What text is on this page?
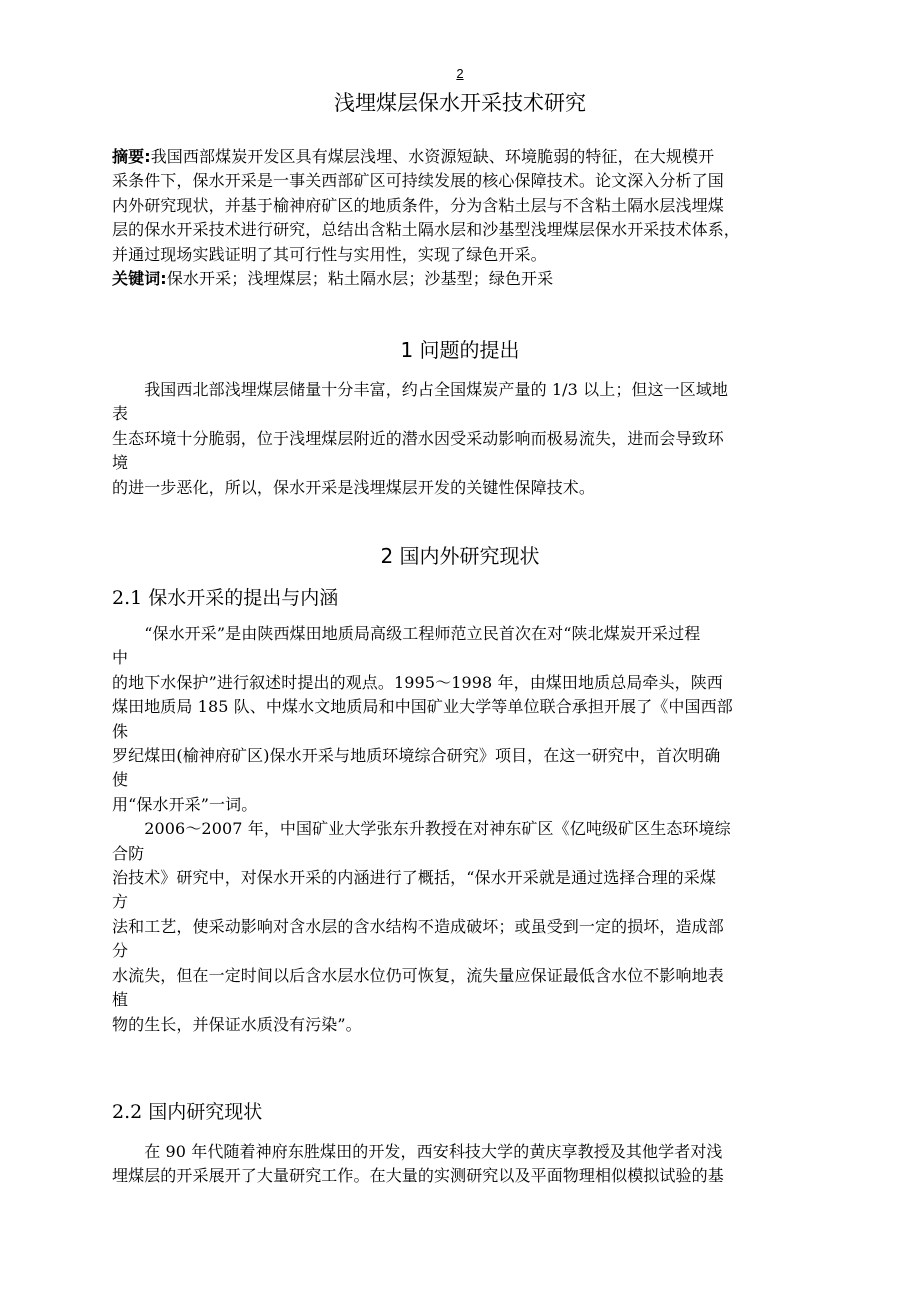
2
浅埋煤层保水开采技术研究
摘要:我国西部煤炭开发区具有煤层浅埋、水资源短缺、环境脆弱的特征，在大规模开
采条件下，保水开采是一事关西部矿区可持续发展的核心保障技术。论文深入分析了国
内外研究现状，并基于榆神府矿区的地质条件，分为含粘土层与不含粘土隔水层浅埋煤
层的保水开采技术进行研究，总结出含粘土隔水层和沙基型浅埋煤层保水开采技术体系，
并通过现场实践证明了其可行性与实用性，实现了绿色开采。
关键词:保水开采；浅埋煤层；粘土隔水层；沙基型；绿色开采
1 问题的提出
　　我国西北部浅埋煤层储量十分丰富，约占全国煤炭产量的 1/3 以上；但这一区域地
表
生态环境十分脆弱，位于浅埋煤层附近的潜水因受采动影响而极易流失，进而会导致环
境
的进一步恶化，所以，保水开采是浅埋煤层开发的关键性保障技术。
2 国内外研究现状
2.1 保水开采的提出与内涵
　　“保水开采”是由陕西煤田地质局高级工程师范立民首次在对“陕北煤炭开采过程
中
的地下水保护”进行叙述时提出的观点。1995～1998 年，由煤田地质总局牵头，陕西
煤田地质局 185 队、中煤水文地质局和中国矿业大学等单位联合承担开展了《中国西部
侏
罗纪煤田(榆神府矿区)保水开采与地质环境综合研究》项目，在这一研究中，首次明确
使
用“保水开采”一词。
　　2006～2007 年，中国矿业大学张东升教授在对神东矿区《亿吨级矿区生态环境综
合防
治技术》研究中，对保水开采的内涵进行了概括，“保水开采就是通过选择合理的采煤
方
法和工艺，使采动影响对含水层的含水结构不造成破坏；或虽受到一定的损坏，造成部
分
水流失，但在一定时间以后含水层水位仍可恢复，流失量应保证最低含水位不影响地表
植
物的生长，并保证水质没有污染”。
2.2 国内研究现状
　　在 90 年代随着神府东胜煤田的开发，西安科技大学的黄庆享教授及其他学者对浅
埋煤层的开采展开了大量研究工作。在大量的实测研究以及平面物理相似模拟试验的基
